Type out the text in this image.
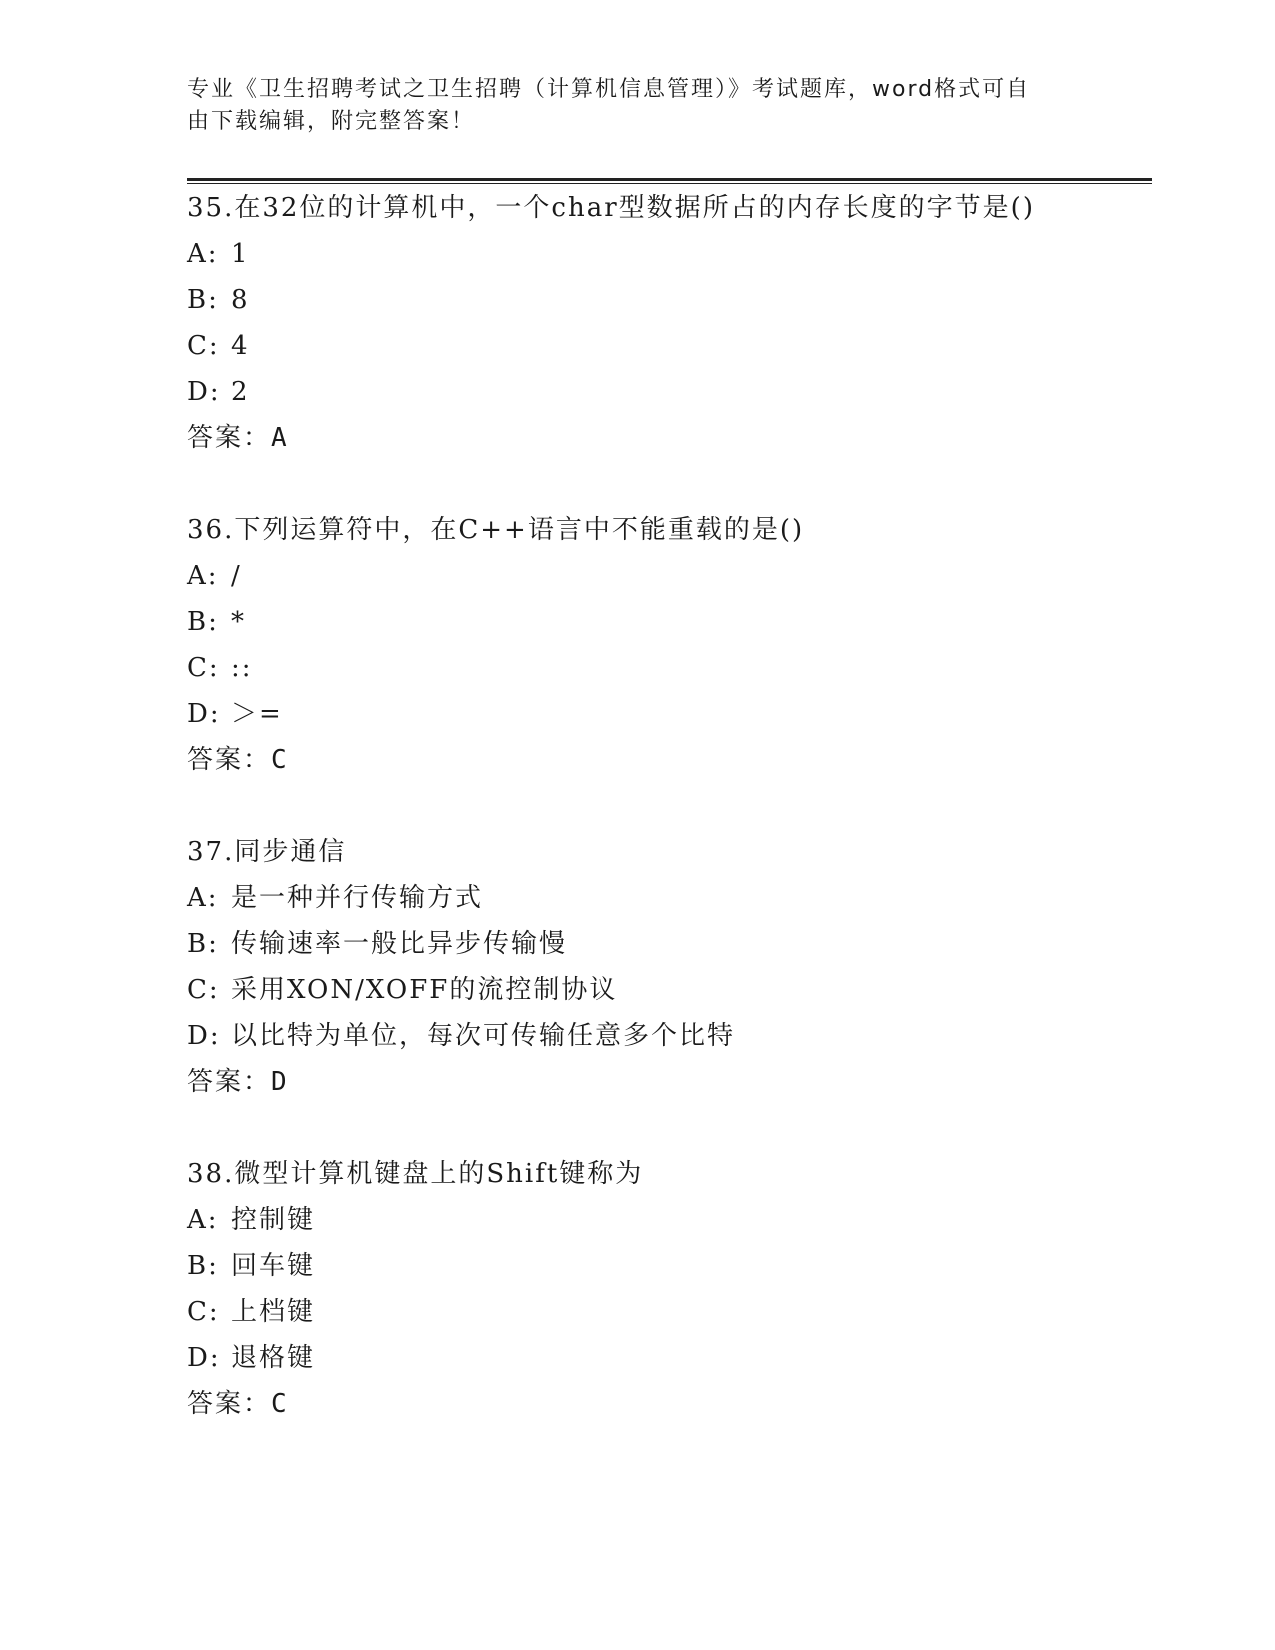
专业《卫生招聘考试之卫生招聘（计算机信息管理）》考试题库，word格式可自
由下载编辑，附完整答案！
35.在32位的计算机中，一个char型数据所占的内存长度的字节是()
A: 1
B: 8
C: 4
D: 2
答案：A
36.下列运算符中，在C++语言中不能重载的是()
A: /
B: *
C: ::
D: ＞=
答案：C
37.同步通信
A: 是一种并行传输方式
B: 传输速率一般比异步传输慢
C: 采用XON/XOFF的流控制协议
D: 以比特为单位，每次可传输任意多个比特
答案：D
38.微型计算机键盘上的Shift键称为
A: 控制键
B: 回车键
C: 上档键
D: 退格键
答案：C
